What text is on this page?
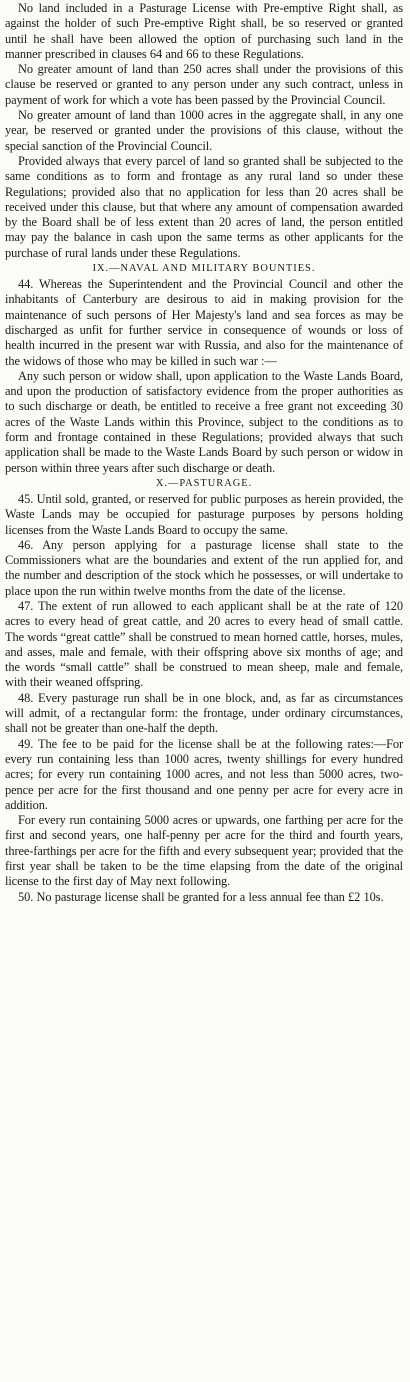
No land included in a Pasturage License with Pre-emptive Right shall, as against the holder of such Pre-emptive Right shall, be so reserved or granted until he shall have been allowed the option of purchasing such land in the manner prescribed in clauses 64 and 66 to these Regulations.

No greater amount of land than 250 acres shall under the provisions of this clause be reserved or granted to any person under any such contract, unless in payment of work for which a vote has been passed by the Provincial Council.

No greater amount of land than 1000 acres in the aggregate shall, in any one year, be reserved or granted under the provisions of this clause, without the special sanction of the Provincial Council.

Provided always that every parcel of land so granted shall be subjected to the same conditions as to form and frontage as any rural land so under these Regulations; provided also that no application for less than 20 acres shall be received under this clause, but that where any amount of compensation awarded by the Board shall be of less extent than 20 acres of land, the person entitled may pay the balance in cash upon the same terms as other applicants for the purchase of rural lands under these Regulations.

IX.—NAVAL AND MILITARY BOUNTIES.

44. Whereas the Superintendent and the Provincial Council and other the inhabitants of Canterbury are desirous to aid in making provision for the maintenance of such persons of Her Majesty's land and sea forces as may be discharged as unfit for further service in consequence of wounds or loss of health incurred in the present war with Russia, and also for the maintenance of the widows of those who may be killed in such war :—

Any such person or widow shall, upon application to the Waste Lands Board, and upon the production of satisfactory evidence from the proper authorities as to such discharge or death, be entitled to receive a free grant not exceeding 30 acres of the Waste Lands within this Province, subject to the conditions as to form and frontage contained in these Regulations; provided always that such application shall be made to the Waste Lands Board by such person or widow in person within three years after such discharge or death.

X.—PASTURAGE.

45. Until sold, granted, or reserved for public purposes as herein provided, the Waste Lands may be occupied for pasturage purposes by persons holding licenses from the Waste Lands Board to occupy the same.

46. Any person applying for a pasturage license shall state to the Commissioners what are the boundaries and extent of the run applied for, and the number and description of the stock which he possesses, or will undertake to place upon the run within twelve months from the date of the license.

47. The extent of run allowed to each applicant shall be at the rate of 120 acres to every head of great cattle, and 20 acres to every head of small cattle. The words “great cattle” shall be construed to mean horned cattle, horses, mules, and asses, male and female, with their offspring above six months of age; and the words “small cattle” shall be construed to mean sheep, male and female, with their weaned offspring.

48. Every pasturage run shall be in one block, and, as far as circumstances will admit, of a rectangular form: the frontage, under ordinary circumstances, shall not be greater than one-half the depth.

49. The fee to be paid for the license shall be at the following rates:—For every run containing less than 1000 acres, twenty shillings for every hundred acres; for every run containing 1000 acres, and not less than 5000 acres, two-pence per acre for the first thousand and one penny per acre for every acre in addition.

For every run containing 5000 acres or upwards, one farthing per acre for the first and second years, one half-penny per acre for the third and fourth years, three-farthings per acre for the fifth and every subsequent year; provided that the first year shall be taken to be the time elapsing from the date of the original license to the first day of May next following.

50. No pasturage license shall be granted for a less annual fee than £2 10s.
